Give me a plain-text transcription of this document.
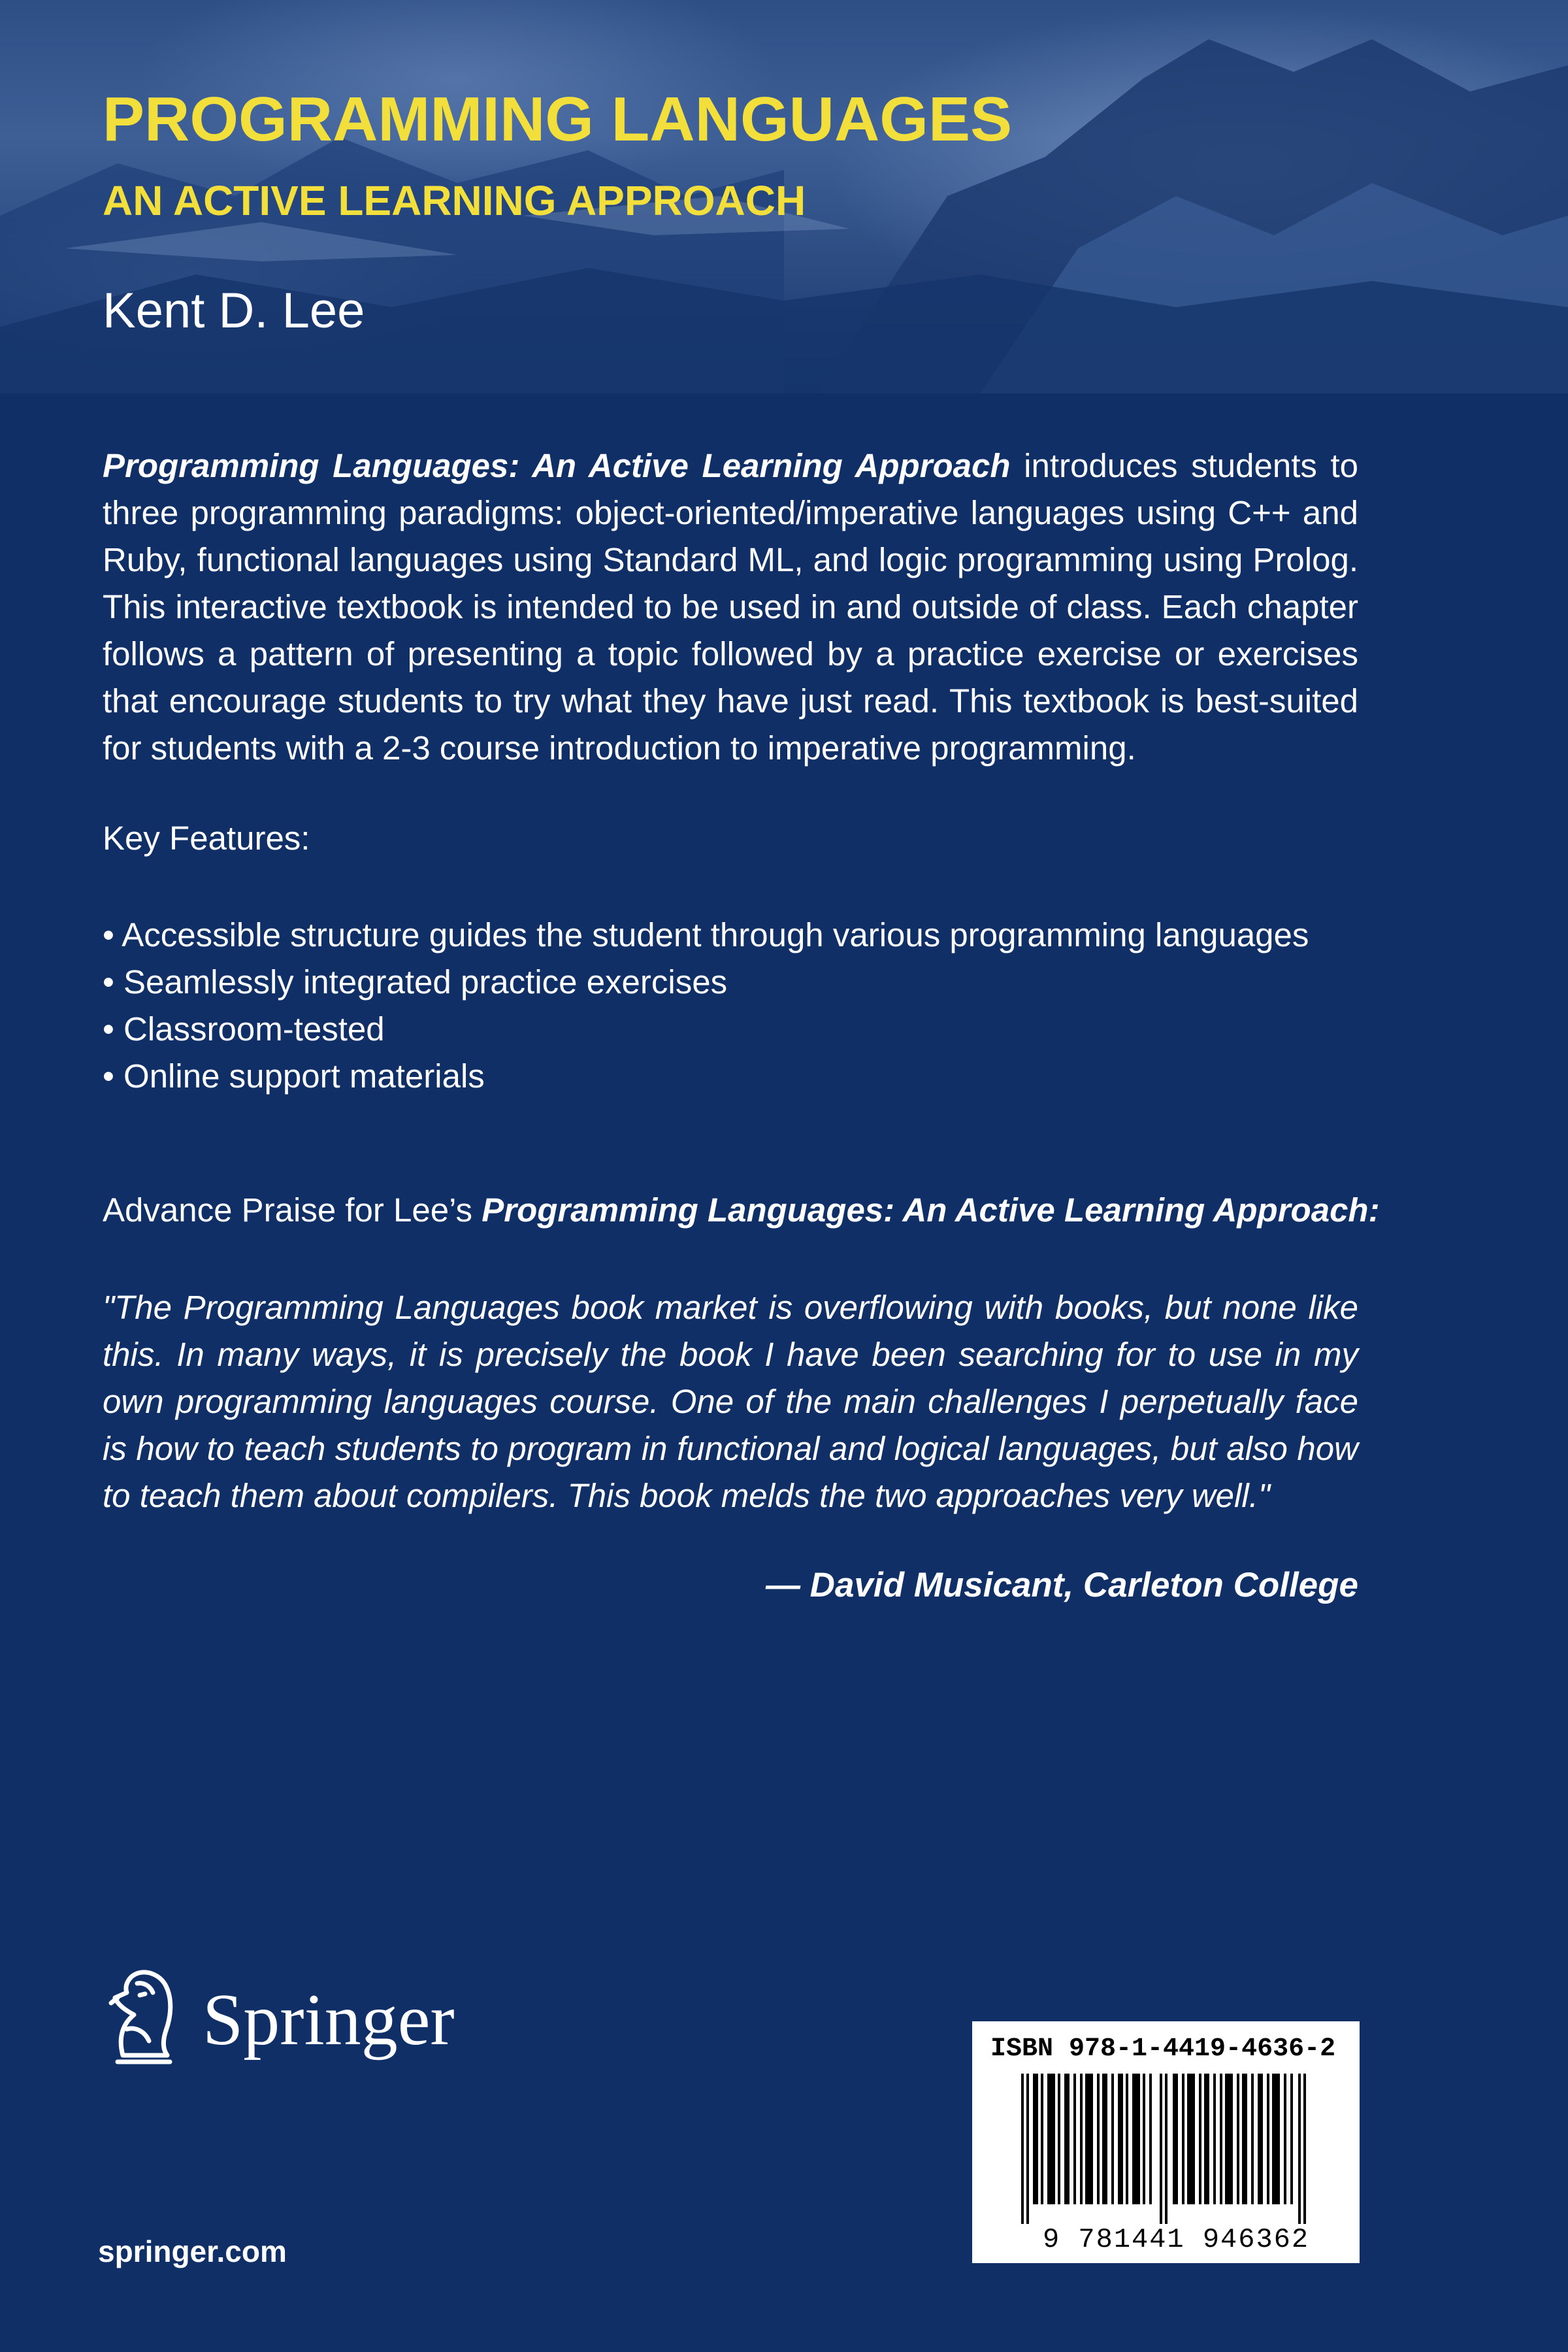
PROGRAMMING LANGUAGES
AN ACTIVE LEARNING APPROACH

Kent D. Lee

Programming Languages: An Active Learning Approach introduces students to three programming paradigms: object-oriented/imperative languages using C++ and Ruby, functional languages using Standard ML, and logic programming using Prolog. This interactive textbook is intended to be used in and outside of class. Each chapter follows a pattern of presenting a topic followed by a practice exercise or exercises that encourage students to try what they have just read. This textbook is best-suited for students with a 2-3 course introduction to imperative programming.

Key Features:

• Accessible structure guides the student through various programming languages
• Seamlessly integrated practice exercises
• Classroom-tested
• Online support materials

Advance Praise for Lee’s Programming Languages: An Active Learning Approach:

"The Programming Languages book market is overflowing with books, but none like this. In many ways, it is precisely the book I have been searching for to use in my own programming languages course. One of the main challenges I perpetually face is how to teach students to program in functional and logical languages, but also how to teach them about compilers. This book melds the two approaches very well."

— David Musicant, Carleton College

Springer

springer.com

ISBN 978-1-4419-4636-2

9 781441 946362
